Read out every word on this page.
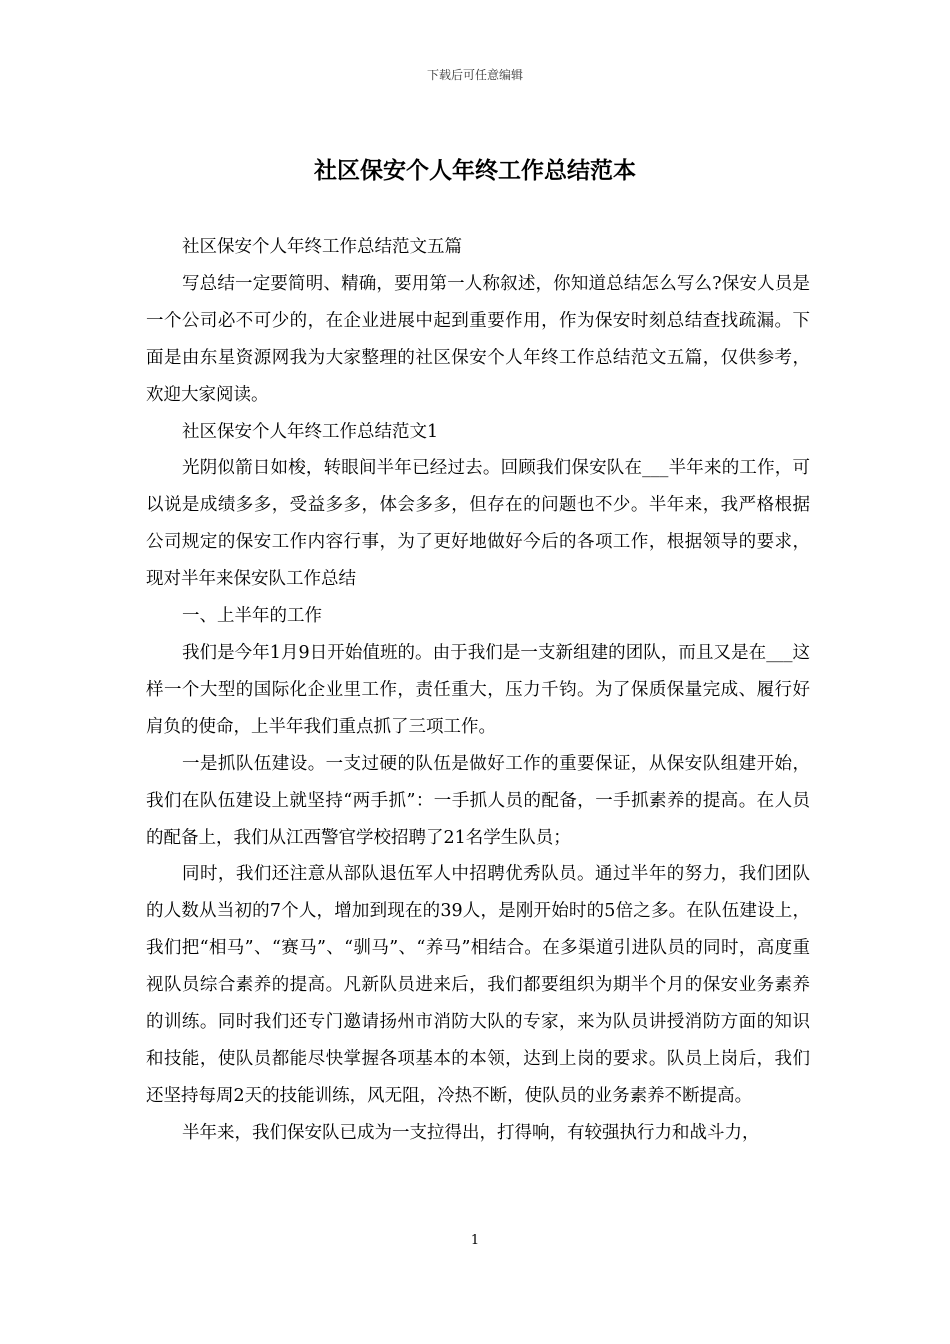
下载后可任意编辑
社区保安个人年终工作总结范本

社区保安个人年终工作总结范文五篇

写总结一定要简明、精确，要用第一人称叙述，你知道总结怎么写么?保安人员是一个公司必不可少的，在企业进展中起到重要作用，作为保安时刻总结查找疏漏。下面是由东星资源网我为大家整理的社区保安个人年终工作总结范文五篇，仅供参考，欢迎大家阅读。

社区保安个人年终工作总结范文1

光阴似箭日如梭，转眼间半年已经过去。回顾我们保安队在___半年来的工作，可以说是成绩多多，受益多多，体会多多，但存在的问题也不少。半年来，我严格根据公司规定的保安工作内容行事，为了更好地做好今后的各项工作，根据领导的要求，现对半年来保安队工作总结

一、上半年的工作

我们是今年1月9日开始值班的。由于我们是一支新组建的团队，而且又是在___这样一个大型的国际化企业里工作，责任重大，压力千钧。为了保质保量完成、履行好肩负的使命，上半年我们重点抓了三项工作。

一是抓队伍建设。一支过硬的队伍是做好工作的重要保证，从保安队组建开始，我们在队伍建设上就坚持“两手抓”：一手抓人员的配备，一手抓素养的提高。在人员的配备上，我们从江西警官学校招聘了21名学生队员；

同时，我们还注意从部队退伍军人中招聘优秀队员。通过半年的努力，我们团队的人数从当初的7个人，增加到现在的39人，是刚开始时的5倍之多。在队伍建设上，我们把“相马”、“赛马”、“驯马”、“养马”相结合。在多渠道引进队员的同时，高度重视队员综合素养的提高。凡新队员进来后，我们都要组织为期半个月的保安业务素养的训练。同时我们还专门邀请扬州市消防大队的专家，来为队员讲授消防方面的知识和技能，使队员都能尽快掌握各项基本的本领，达到上岗的要求。队员上岗后，我们还坚持每周2天的技能训练，风无阻，冷热不断，使队员的业务素养不断提高。

半年来，我们保安队已成为一支拉得出，打得响，有较强执行力和战斗力，

1
